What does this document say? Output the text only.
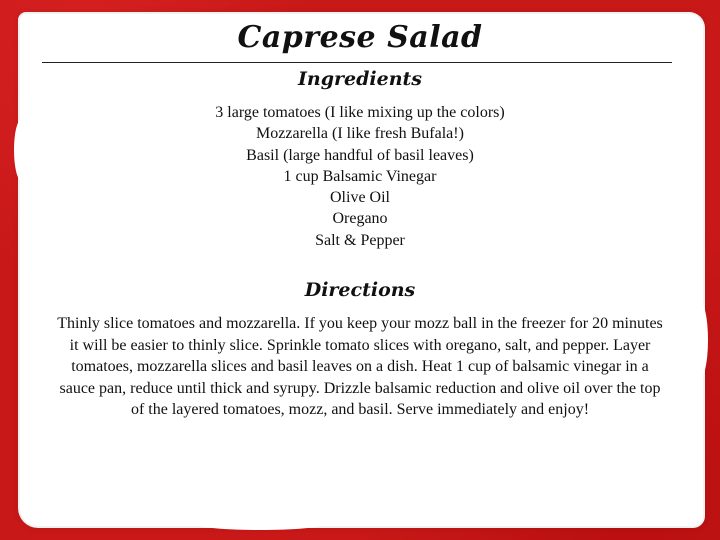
Caprese Salad
Ingredients
3 large tomatoes (I like mixing up the colors)
Mozzarella (I like fresh Bufala!)
Basil (large handful of basil leaves)
1 cup Balsamic Vinegar
Olive Oil
Oregano
Salt & Pepper
Directions

Thinly slice tomatoes and mozzarella. If you keep your mozz ball in the freezer for 20 minutes it will be easier to thinly slice. Sprinkle tomato slices with oregano, salt, and pepper. Layer tomatoes, mozzarella slices and basil leaves on a dish. Heat 1 cup of balsamic vinegar in a sauce pan, reduce until thick and syrupy. Drizzle balsamic reduction and olive oil over the top of the layered tomatoes, mozz, and basil. Serve immediately and enjoy!
